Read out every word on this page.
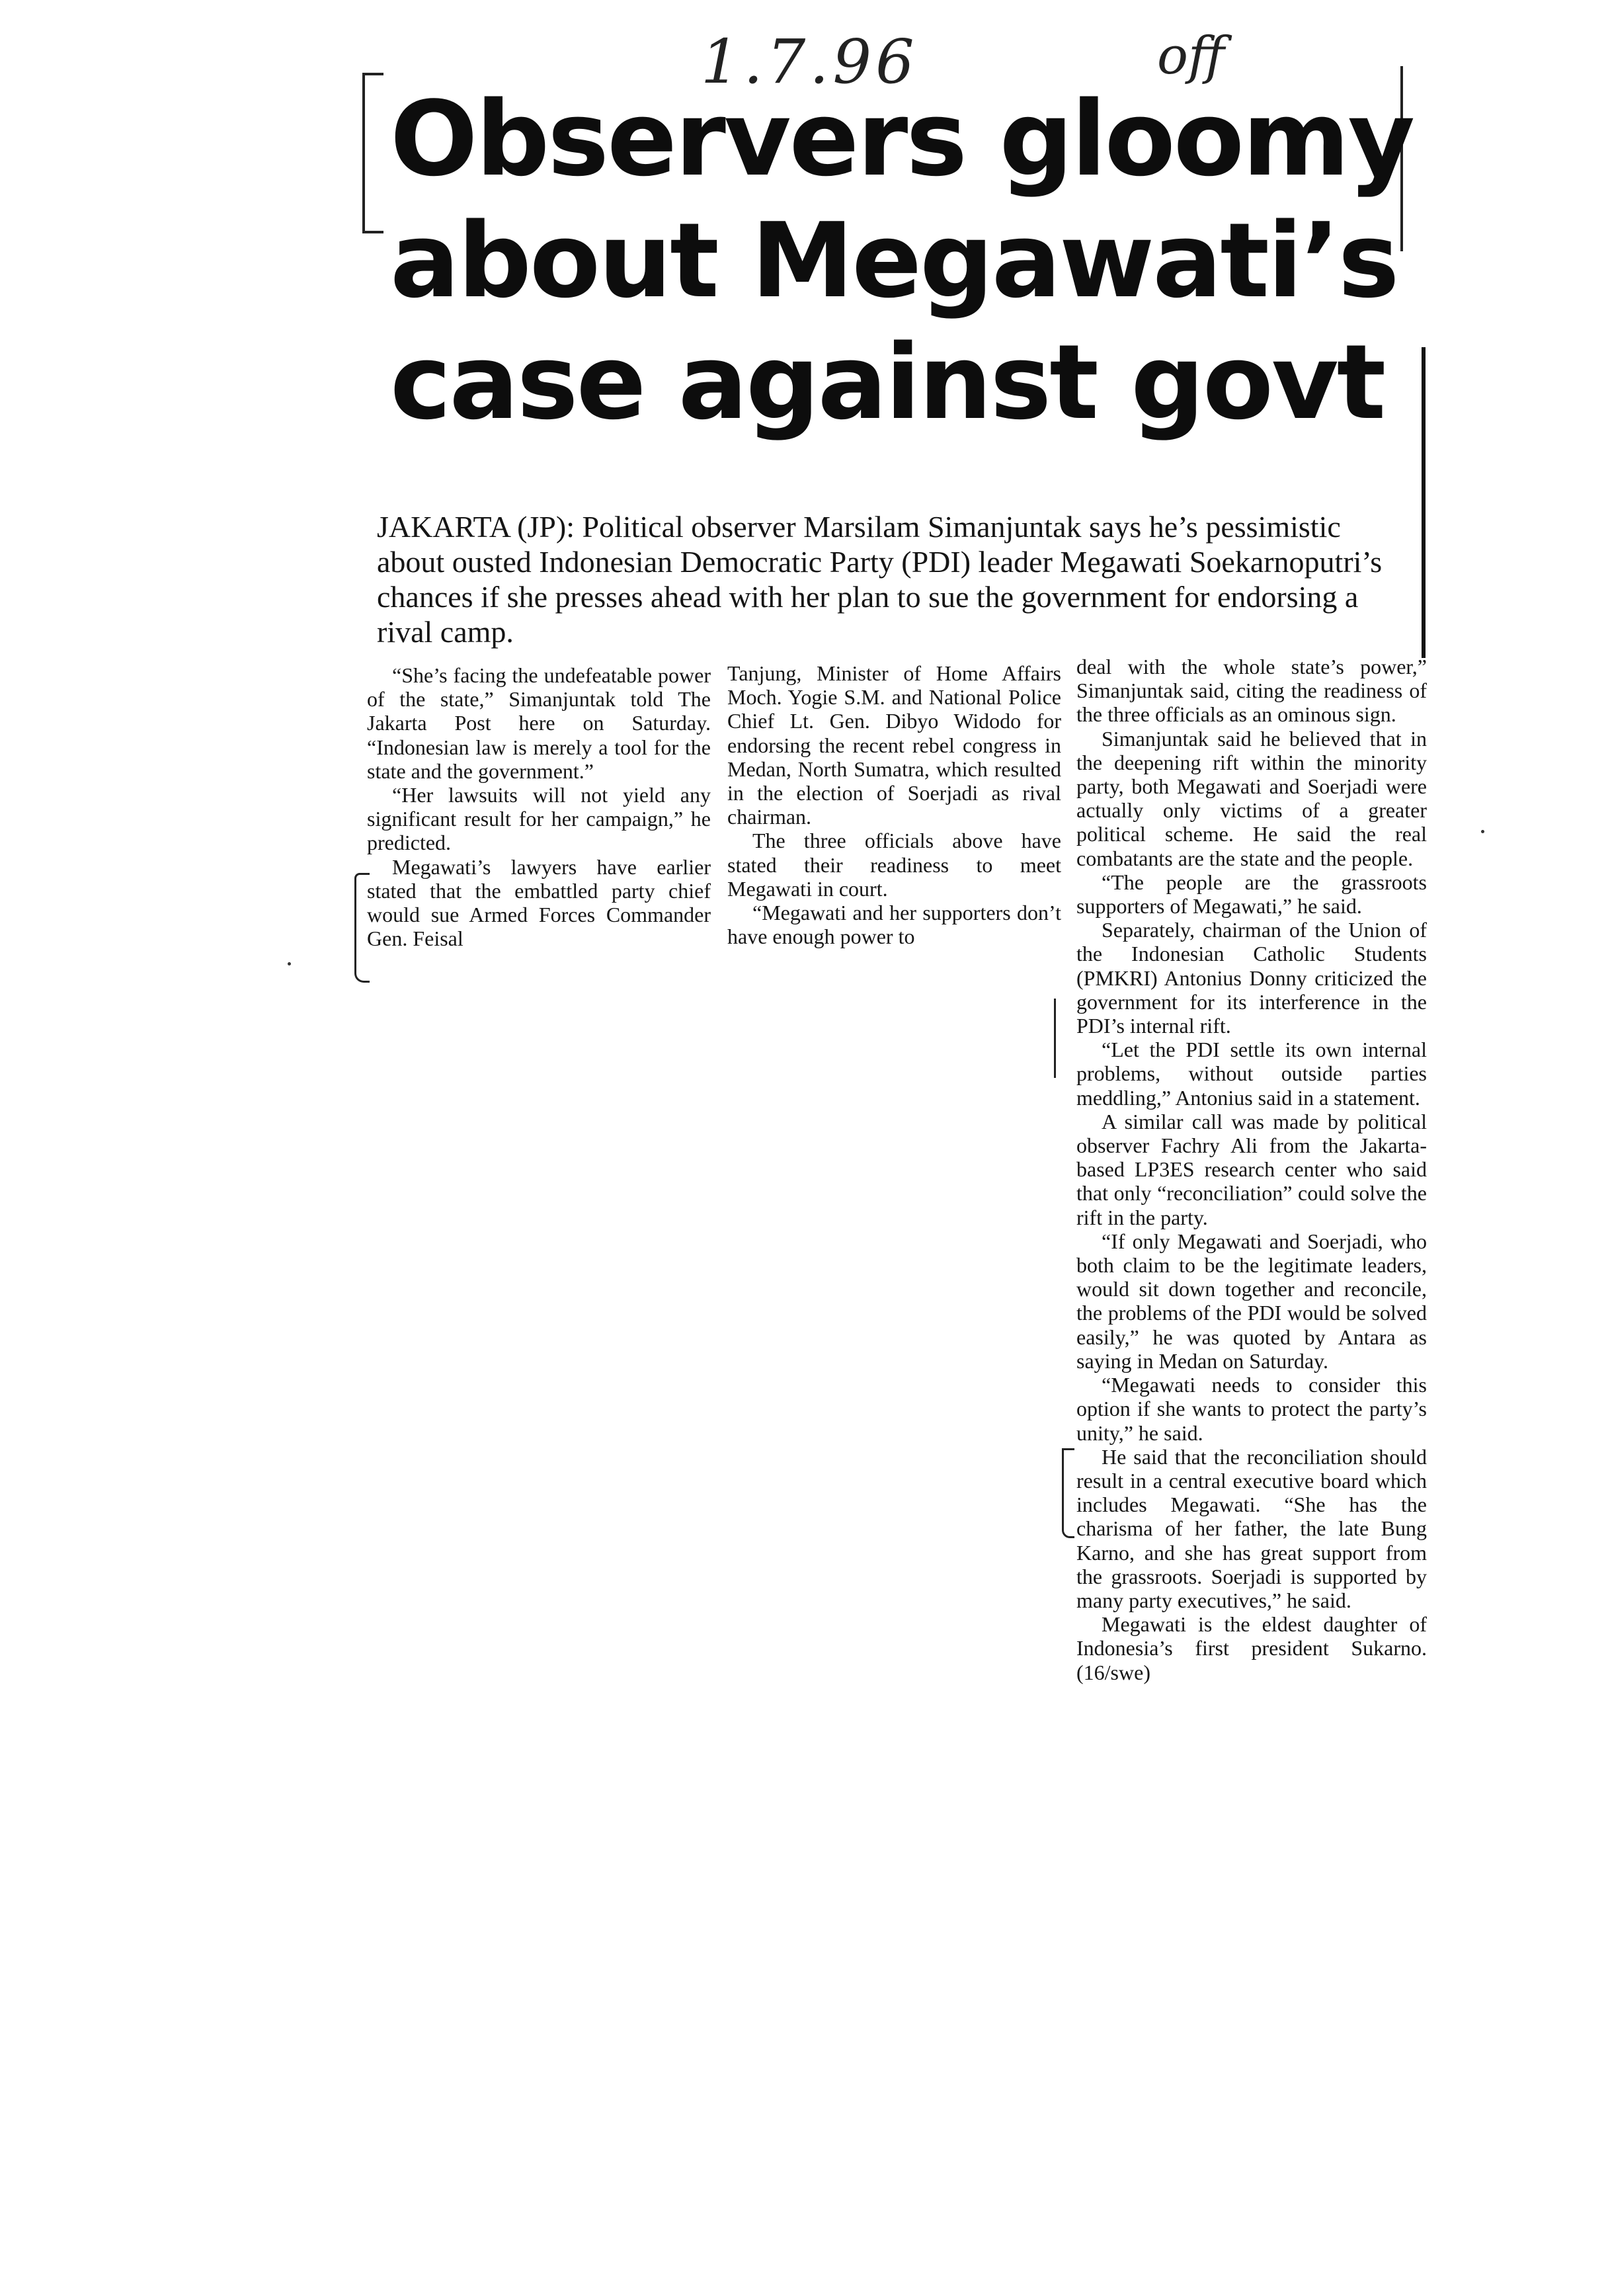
1.7.96	off
Observers gloomy
about Megawati’s
case against govt

JAKARTA (JP): Political observer Marsilam Simanjuntak says he’s pessimistic about ousted Indonesian Democratic Party (PDI) leader Megawati Soekarnoputri’s chances if she presses ahead with her plan to sue the government for endorsing a rival camp.

“She’s facing the undefeatable power of the state,” Simanjuntak told The Jakarta Post here on Saturday. “Indonesian law is merely a tool for the state and the government.”

“Her lawsuits will not yield any significant result for her campaign,” he predicted.

Megawati’s lawyers have earlier stated that the embattled party chief would sue Armed Forces Commander Gen. Feisal

Tanjung, Minister of Home Affairs Moch. Yogie S.M. and National Police Chief Lt. Gen. Dibyo Widodo for endorsing the recent rebel congress in Medan, North Sumatra, which resulted in the election of Soerjadi as rival chairman.

The three officials above have stated their readiness to meet Megawati in court.

“Megawati and her supporters don’t have enough power to

deal with the whole state’s power,” Simanjuntak said, citing the readiness of the three officials as an ominous sign.

Simanjuntak said he believed that in the deepening rift within the minority party, both Megawati and Soerjadi were actually only victims of a greater political scheme. He said the real combatants are the state and the people.

“The people are the grassroots supporters of Megawati,” he said.

Separately, chairman of the Union of the Indonesian Catholic Students (PMKRI) Antonius Donny criticized the government for its interference in the PDI’s internal rift.

“Let the PDI settle its own internal problems, without outside parties meddling,” Antonius said in a statement.

A similar call was made by political observer Fachry Ali from the Jakarta-based LP3ES research center who said that only “reconciliation” could solve the rift in the party.

“If only Megawati and Soerjadi, who both claim to be the legitimate leaders, would sit down together and reconcile, the problems of the PDI would be solved easily,” he was quoted by Antara as saying in Medan on Saturday.

“Megawati needs to consider this option if she wants to protect the party’s unity,” he said.

He said that the reconciliation should result in a central executive board which includes Megawati. “She has the charisma of her father, the late Bung Karno, and she has great support from the grassroots. Soerjadi is supported by many party executives,” he said.

Megawati is the eldest daughter of Indonesia’s first president Sukarno.(16/swe)
